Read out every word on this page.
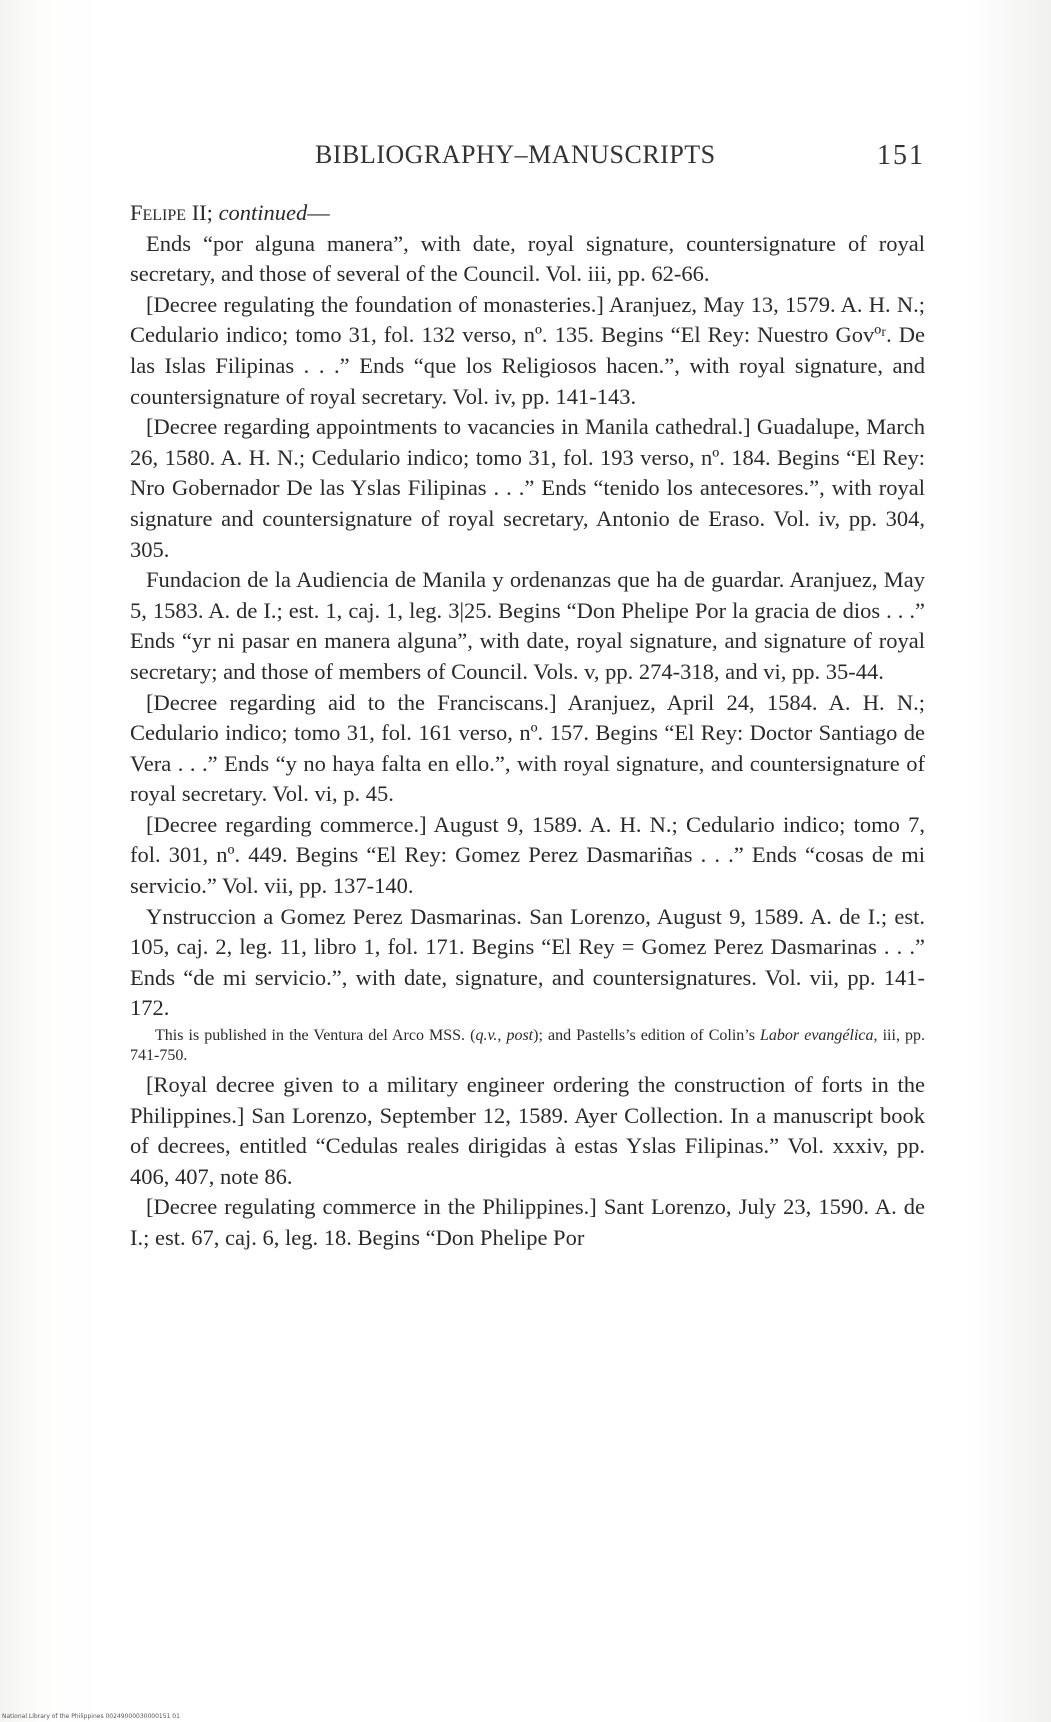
BIBLIOGRAPHY–MANUSCRIPTS	151

Felipe II; continued—

Ends “por alguna manera”, with date, royal signature, countersignature of royal secretary, and those of several of the Council. Vol. iii, pp. 62-66.

[Decree regulating the foundation of monasteries.] Aranjuez, May 13, 1579. A. H. N.; Cedulario indico; tomo 31, fol. 132 verso, nº. 135. Begins “El Rey: Nuestro Govºʳ. De las Islas Filipinas . . .” Ends “que los Religiosos hacen.”, with royal signature, and countersignature of royal secretary. Vol. iv, pp. 141-143.

[Decree regarding appointments to vacancies in Manila cathedral.] Guadalupe, March 26, 1580. A. H. N.; Cedulario indico; tomo 31, fol. 193 verso, nº. 184. Begins “El Rey: Nro Gobernador De las Yslas Filipinas . . .” Ends “tenido los antecesores.”, with royal signature and countersignature of royal secretary, Antonio de Eraso. Vol. iv, pp. 304, 305.

Fundacion de la Audiencia de Manila y ordenanzas que ha de guardar. Aranjuez, May 5, 1583. A. de I.; est. 1, caj. 1, leg. 3|25. Begins “Don Phelipe Por la gracia de dios . . .” Ends “yr ni pasar en manera alguna”, with date, royal signature, and signature of royal secretary; and those of members of Council. Vols. v, pp. 274-318, and vi, pp. 35-44.

[Decree regarding aid to the Franciscans.] Aranjuez, April 24, 1584. A. H. N.; Cedulario indico; tomo 31, fol. 161 verso, nº. 157. Begins “El Rey: Doctor Santiago de Vera . . .” Ends “y no haya falta en ello.”, with royal signature, and countersignature of royal secretary. Vol. vi, p. 45.

[Decree regarding commerce.] August 9, 1589. A. H. N.; Cedulario indico; tomo 7, fol. 301, nº. 449. Begins “El Rey: Gomez Perez Dasmariñas . . .” Ends “cosas de mi servicio.” Vol. vii, pp. 137-140.

Ynstruccion a Gomez Perez Dasmarinas. San Lorenzo, August 9, 1589. A. de I.; est. 105, caj. 2, leg. 11, libro 1, fol. 171. Begins “El Rey = Gomez Perez Dasmarinas . . .” Ends “de mi servicio.”, with date, signature, and countersignatures. Vol. vii, pp. 141-172.

This is published in the Ventura del Arco MSS. (q.v., post); and Pastells’s edition of Colin’s Labor evangélica, iii, pp. 741-750.

[Royal decree given to a military engineer ordering the construction of forts in the Philippines.] San Lorenzo, September 12, 1589. Ayer Collection. In a manuscript book of decrees, entitled “Cedulas reales dirigidas à estas Yslas Filipinas.” Vol. xxxiv, pp. 406, 407, note 86.

[Decree regulating commerce in the Philippines.] Sant Lorenzo, July 23, 1590. A. de I.; est. 67, caj. 6, leg. 18. Begins “Don Phelipe Por

National Library of the Philippines 00249000030000151 01
